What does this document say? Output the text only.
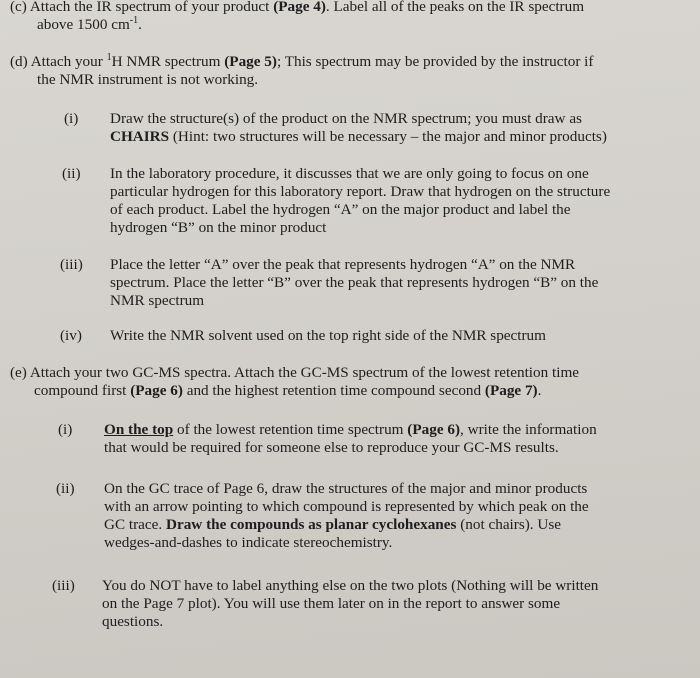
(c) Attach the IR spectrum of your product (Page 4). Label all of the peaks on the IR spectrum
above 1500 $cm^{-1}$.
(d) Attach your $^1$H NMR spectrum (Page 5); This spectrum may be provided by the instructor if
the NMR instrument is not working.
(i) Draw the structure(s) of the product on the NMR spectrum; you must draw as
CHAIRS (Hint: two structures will be necessary – the major and minor products)
(ii) In the laboratory procedure, it discusses that we are only going to focus on one
particular hydrogen for this laboratory report. Draw that hydrogen on the structure
of each product. Label the hydrogen “A” on the major product and label the
hydrogen “B” on the minor product
(iii) Place the letter “A” over the peak that represents hydrogen “A” on the NMR
spectrum. Place the letter “B” over the peak that represents hydrogen “B” on the
NMR spectrum
(iv) Write the NMR solvent used on the top right side of the NMR spectrum
(e) Attach your two GC-MS spectra. Attach the GC-MS spectrum of the lowest retention time
compound first (Page 6) and the highest retention time compound second (Page 7).
(i) On the top of the lowest retention time spectrum (Page 6), write the information
that would be required for someone else to reproduce your GC-MS results.
(ii) On the GC trace of Page 6, draw the structures of the major and minor products
with an arrow pointing to which compound is represented by which peak on the
GC trace. Draw the compounds as planar cyclohexanes (not chairs). Use
wedges-and-dashes to indicate stereochemistry.
(iii) You do NOT have to label anything else on the two plots (Nothing will be written
on the Page 7 plot). You will use them later on in the report to answer some
questions.
